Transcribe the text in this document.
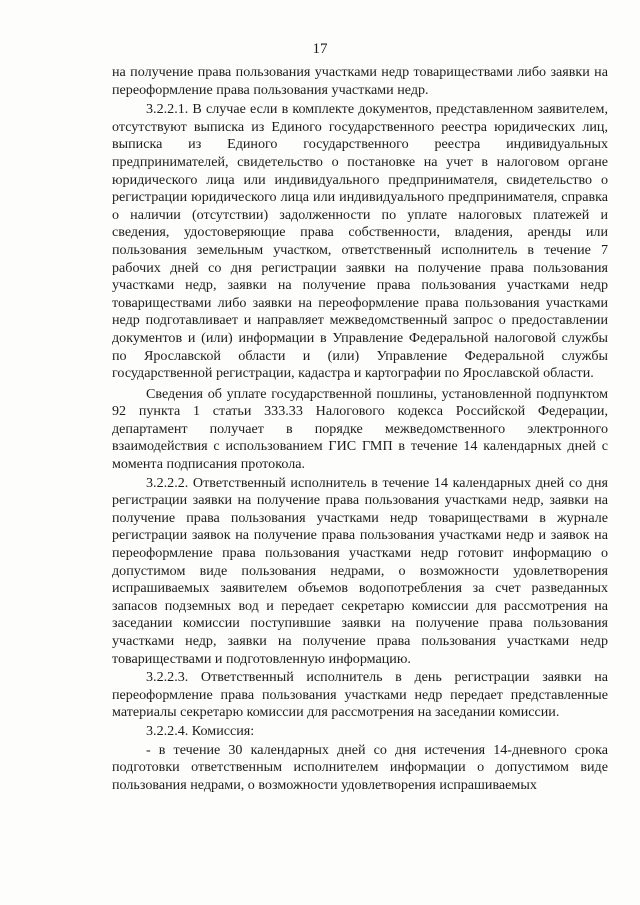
17

на получение права пользования участками недр товариществами либо заявки на переоформление права пользования участками недр.

3.2.2.1. В случае если в комплекте документов, представленном заявителем, отсутствуют выписка из Единого государственного реестра юридических лиц, выписка из Единого государственного реестра индивидуальных предпринимателей, свидетельство о постановке на учет в налоговом органе юридического лица или индивидуального предпринимателя, свидетельство о регистрации юридического лица или индивидуального предпринимателя, справка о наличии (отсутствии) задолженности по уплате налоговых платежей и сведения, удостоверяющие права собственности, владения, аренды или пользования земельным участком, ответственный исполнитель в течение 7 рабочих дней со дня регистрации заявки на получение права пользования участками недр, заявки на получение права пользования участками недр товариществами либо заявки на переоформление права пользования участками недр подготавливает и направляет межведомственный запрос о предоставлении документов и (или) информации в Управление Федеральной налоговой службы по Ярославской области и (или) Управление Федеральной службы государственной регистрации, кадастра и картографии по Ярославской области.

Сведения об уплате государственной пошлины, установленной подпунктом 92 пункта 1 статьи 333.33 Налогового кодекса Российской Федерации, департамент получает в порядке межведомственного электронного взаимодействия с использованием ГИС ГМП в течение 14 календарных дней с момента подписания протокола.

3.2.2.2. Ответственный исполнитель в течение 14 календарных дней со дня регистрации заявки на получение права пользования участками недр, заявки на получение права пользования участками недр товариществами в журнале регистрации заявок на получение права пользования участками недр и заявок на переоформление права пользования участками недр готовит информацию о допустимом виде пользования недрами, о возможности удовлетворения испрашиваемых заявителем объемов водопотребления за счет разведанных запасов подземных вод и передает секретарю комиссии для рассмотрения на заседании комиссии поступившие заявки на получение права пользования участками недр, заявки на получение права пользования участками недр товариществами и подготовленную информацию.

3.2.2.3. Ответственный исполнитель в день регистрации заявки на переоформление права пользования участками недр передает представленные материалы секретарю комиссии для рассмотрения на заседании комиссии.

3.2.2.4. Комиссия:

- в течение 30 календарных дней со дня истечения 14-дневного срока подготовки ответственным исполнителем информации о допустимом виде пользования недрами, о возможности удовлетворения испрашиваемых
